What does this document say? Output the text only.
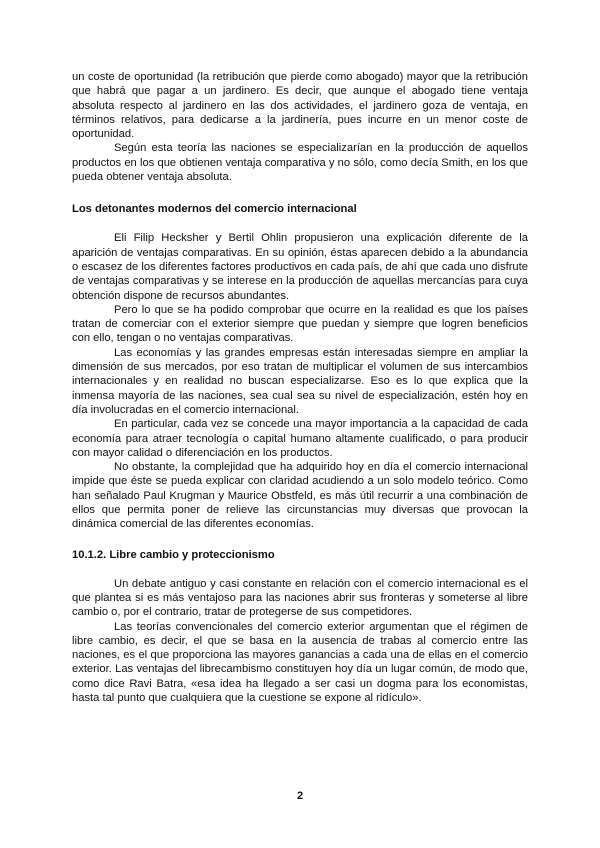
un coste de oportunidad (la retribución que pierde como abogado) mayor que la retribución que habrá que pagar a un jardinero. Es decir, que aunque el abogado tiene ventaja absoluta respecto al jardinero en las dos actividades, el jardinero goza de ventaja, en términos relativos, para dedicarse a la jardinería, pues incurre en un menor coste de oportunidad.

Según esta teoría las naciones se especializarían en la producción de aquellos productos en los que obtienen ventaja comparativa y no sólo, como decía Smith, en los que pueda obtener ventaja absoluta.

Los detonantes modernos del comercio internacional

Eli Filip Hecksher y Bertil Ohlin propusieron una explicación diferente de la aparición de ventajas comparativas. En su opinión, éstas aparecen debido a la abundancia o escasez de los diferentes factores productivos en cada país, de ahí que cada uno disfrute de ventajas comparativas y se interese en la producción de aquellas mercancías para cuya obtención dispone de recursos abundantes.

Pero lo que se ha podido comprobar que ocurre en la realidad es que los países tratan de comerciar con el exterior siempre que puedan y siempre que logren beneficios con ello, tengan o no ventajas comparativas.

Las economías y las grandes empresas están interesadas siempre en ampliar la dimensión de sus mercados, por eso tratan de multiplicar el volumen de sus intercambios internacionales y en realidad no buscan especializarse. Eso es lo que explica que la inmensa mayoría de las naciones, sea cual sea su nivel de especialización, estén hoy en día involucradas en el comercio internacional.

En particular, cada vez se concede una mayor importancia a la capacidad de cada economía para atraer tecnología o capital humano altamente cualificado, o para producir con mayor calidad o diferenciación en los productos.

No obstante, la complejidad que ha adquirido hoy en día el comercio internacional impide que éste se pueda explicar con claridad acudiendo a un solo modelo teórico. Como han señalado Paul Krugman y Maurice Obstfeld, es más útil recurrir a una combinación de ellos que permita poner de relieve las circunstancias muy diversas que provocan la dinámica comercial de las diferentes economías.

10.1.2. Libre cambio y proteccionismo

Un debate antiguo y casi constante en relación con el comercio internacional es el que plantea si es más ventajoso para las naciones abrir sus fronteras y someterse al libre cambio o, por el contrario, tratar de protegerse de sus competidores.

Las teorías convencionales del comercio exterior argumentan que el régimen de libre cambio, es decir, el que se basa en la ausencia de trabas al comercio entre las naciones, es el que proporciona las mayores ganancias a cada una de ellas en el comercio exterior. Las ventajas del librecambismo constituyen hoy día un lugar común, de modo que, como dice Ravi Batra, «esa idea ha llegado a ser casi un dogma para los economistas, hasta tal punto que cualquiera que la cuestione se expone al ridículo».

2
